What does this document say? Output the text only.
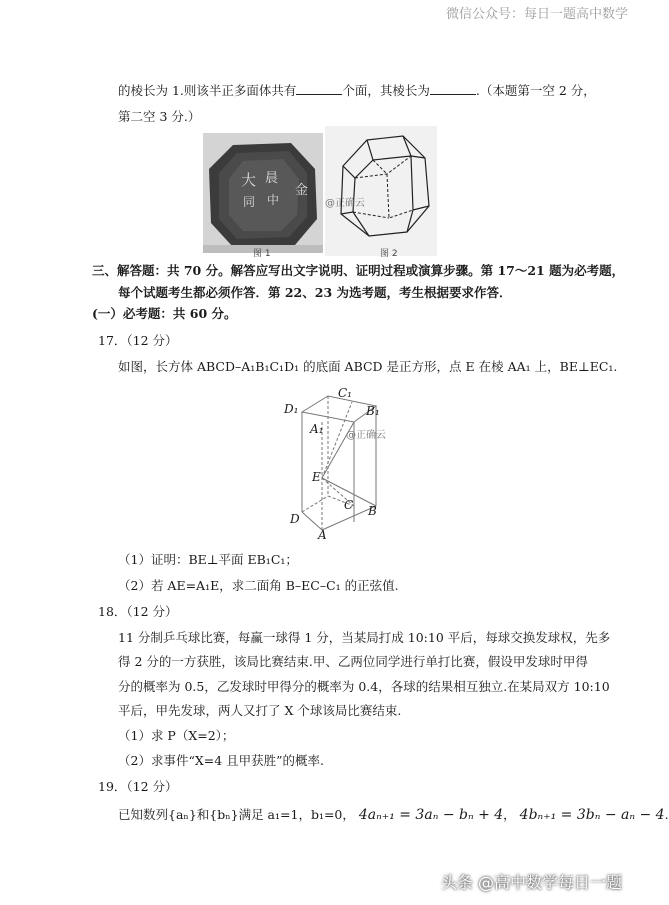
微信公众号：每日一题高中数学
的棱长为 1.则该半正多面体共有	个面，其棱长为	.（本题第一空 2 分，
第二空 3 分.）
大 晨
同 中
金
图 1
@正确云
图 2
三、解答题：共 70 分。解答应写出文字说明、证明过程或演算步骤。第 17～21 题为必考题，
每个试题考生都必须作答．第 22、23 为选考题，考生根据要求作答．
(一）必考题：共 60 分。
17．（12 分）
如图，长方体 ABCD–A₁B₁C₁D₁ 的底面 ABCD 是正方形，点 E 在棱 AA₁ 上，BE⊥EC₁.
D₁
C₁
B₁
A₁ @正确云
E
C B
D
A
（1）证明：BE⊥平面 EB₁C₁；
（2）若 AE=A₁E，求二面角 B–EC–C₁ 的正弦值.
18．（12 分）
11 分制乒乓球比赛，每赢一球得 1 分，当某局打成 10:10 平后，每球交换发球权，先多
得 2 分的一方获胜，该局比赛结束.甲、乙两位同学进行单打比赛，假设甲发球时甲得
分的概率为 0.5，乙发球时甲得分的概率为 0.4，各球的结果相互独立.在某局双方 10:10
平后，甲先发球，两人又打了 X 个球该局比赛结束.
（1）求 P（X=2）；
（2）求事件“X=4 且甲获胜”的概率.
19．（12 分）
已知数列{aₙ}和{bₙ}满足 a₁=1，b₁=0， 4aₙ₊₁ = 3aₙ − bₙ + 4， 4bₙ₊₁ = 3bₙ − aₙ − 4.
头条 @高中数学每日一题
